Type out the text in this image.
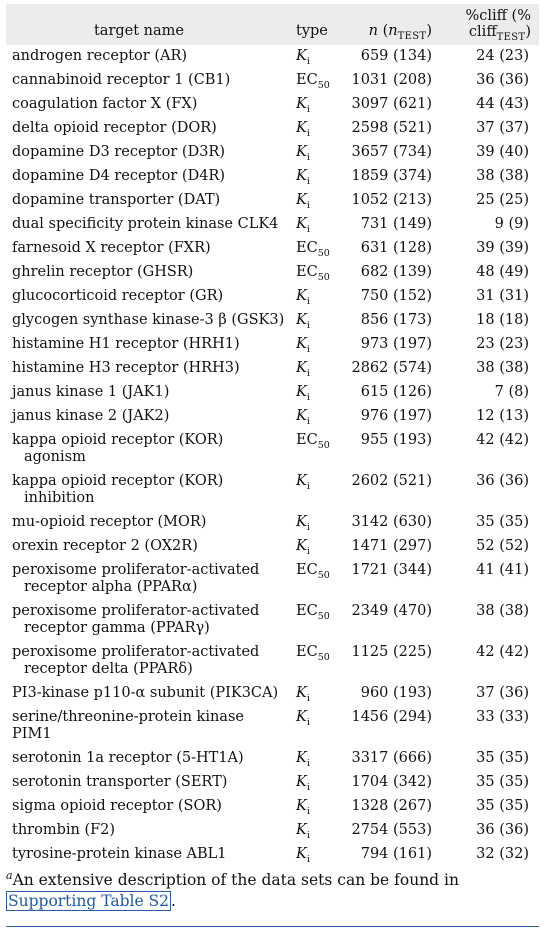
target name	type	n $(n_{TEST})$	%cliff (%
cliff$_{TEST}$)

androgen receptor (AR)	$K_i$	659 (134)	24 (23)

cannabinoid receptor 1 (CB1)	$EC_{50}$	1031 (208)	36 (36)

coagulation factor X (FX)	$K_i$	3097 (621)	44 (43)

delta opioid receptor (DOR)	$K_i$	2598 (521)	37 (37)

dopamine D3 receptor (D3R)	$K_i$	3657 (734)	39 (40)

dopamine D4 receptor (D4R)	$K_i$	1859 (374)	38 (38)

dopamine transporter (DAT)	$K_i$	1052 (213)	25 (25)

dual specificity protein kinase CLK4	$K_i$	731 (149)	9 (9)

farnesoid X receptor (FXR)	$EC_{50}$	631 (128)	39 (39)

ghrelin receptor (GHSR)	$EC_{50}$	682 (139)	48 (49)

glucocorticoid receptor (GR)	$K_i$	750 (152)	31 (31)

glycogen synthase kinase-3 β (GSK3)	$K_i$	856 (173)	18 (18)

histamine H1 receptor (HRH1)	$K_i$	973 (197)	23 (23)

histamine H3 receptor (HRH3)	$K_i$	2862 (574)	38 (38)

janus kinase 1 (JAK1)	$K_i$	615 (126)	7 (8)

janus kinase 2 (JAK2)	$K_i$	976 (197)	12 (13)

kappa opioid receptor (KOR)
agonism	$EC_{50}$	955 (193)	42 (42)

kappa opioid receptor (KOR)
inhibition	$K_i$	2602 (521)	36 (36)

mu-opioid receptor (MOR)	$K_i$	3142 (630)	35 (35)

orexin receptor 2 (OX2R)	$K_i$	1471 (297)	52 (52)

peroxisome proliferator-activated
receptor alpha (PPARα)	$EC_{50}$	1721 (344)	41 (41)

peroxisome proliferator-activated
receptor gamma (PPARγ)	$EC_{50}$	2349 (470)	38 (38)

peroxisome proliferator-activated
receptor delta (PPARδ)	$EC_{50}$	1125 (225)	42 (42)

PI3-kinase p110-α subunit (PIK3CA)	$K_i$	960 (193)	37 (36)

serine/threonine-protein kinase PIM1	$K_i$	1456 (294)	33 (33)

serotonin 1a receptor (5-HT1A)	$K_i$	3317 (666)	35 (35)

serotonin transporter (SERT)	$K_i$	1704 (342)	35 (35)

sigma opioid receptor (SOR)	$K_i$	1328 (267)	35 (35)

thrombin (F2)	$K_i$	2754 (553)	36 (36)

tyrosine-protein kinase ABL1	$K_i$	794 (161)	32 (32)
$^a$An extensive description of the data sets can be found in Supporting Table S2 .
